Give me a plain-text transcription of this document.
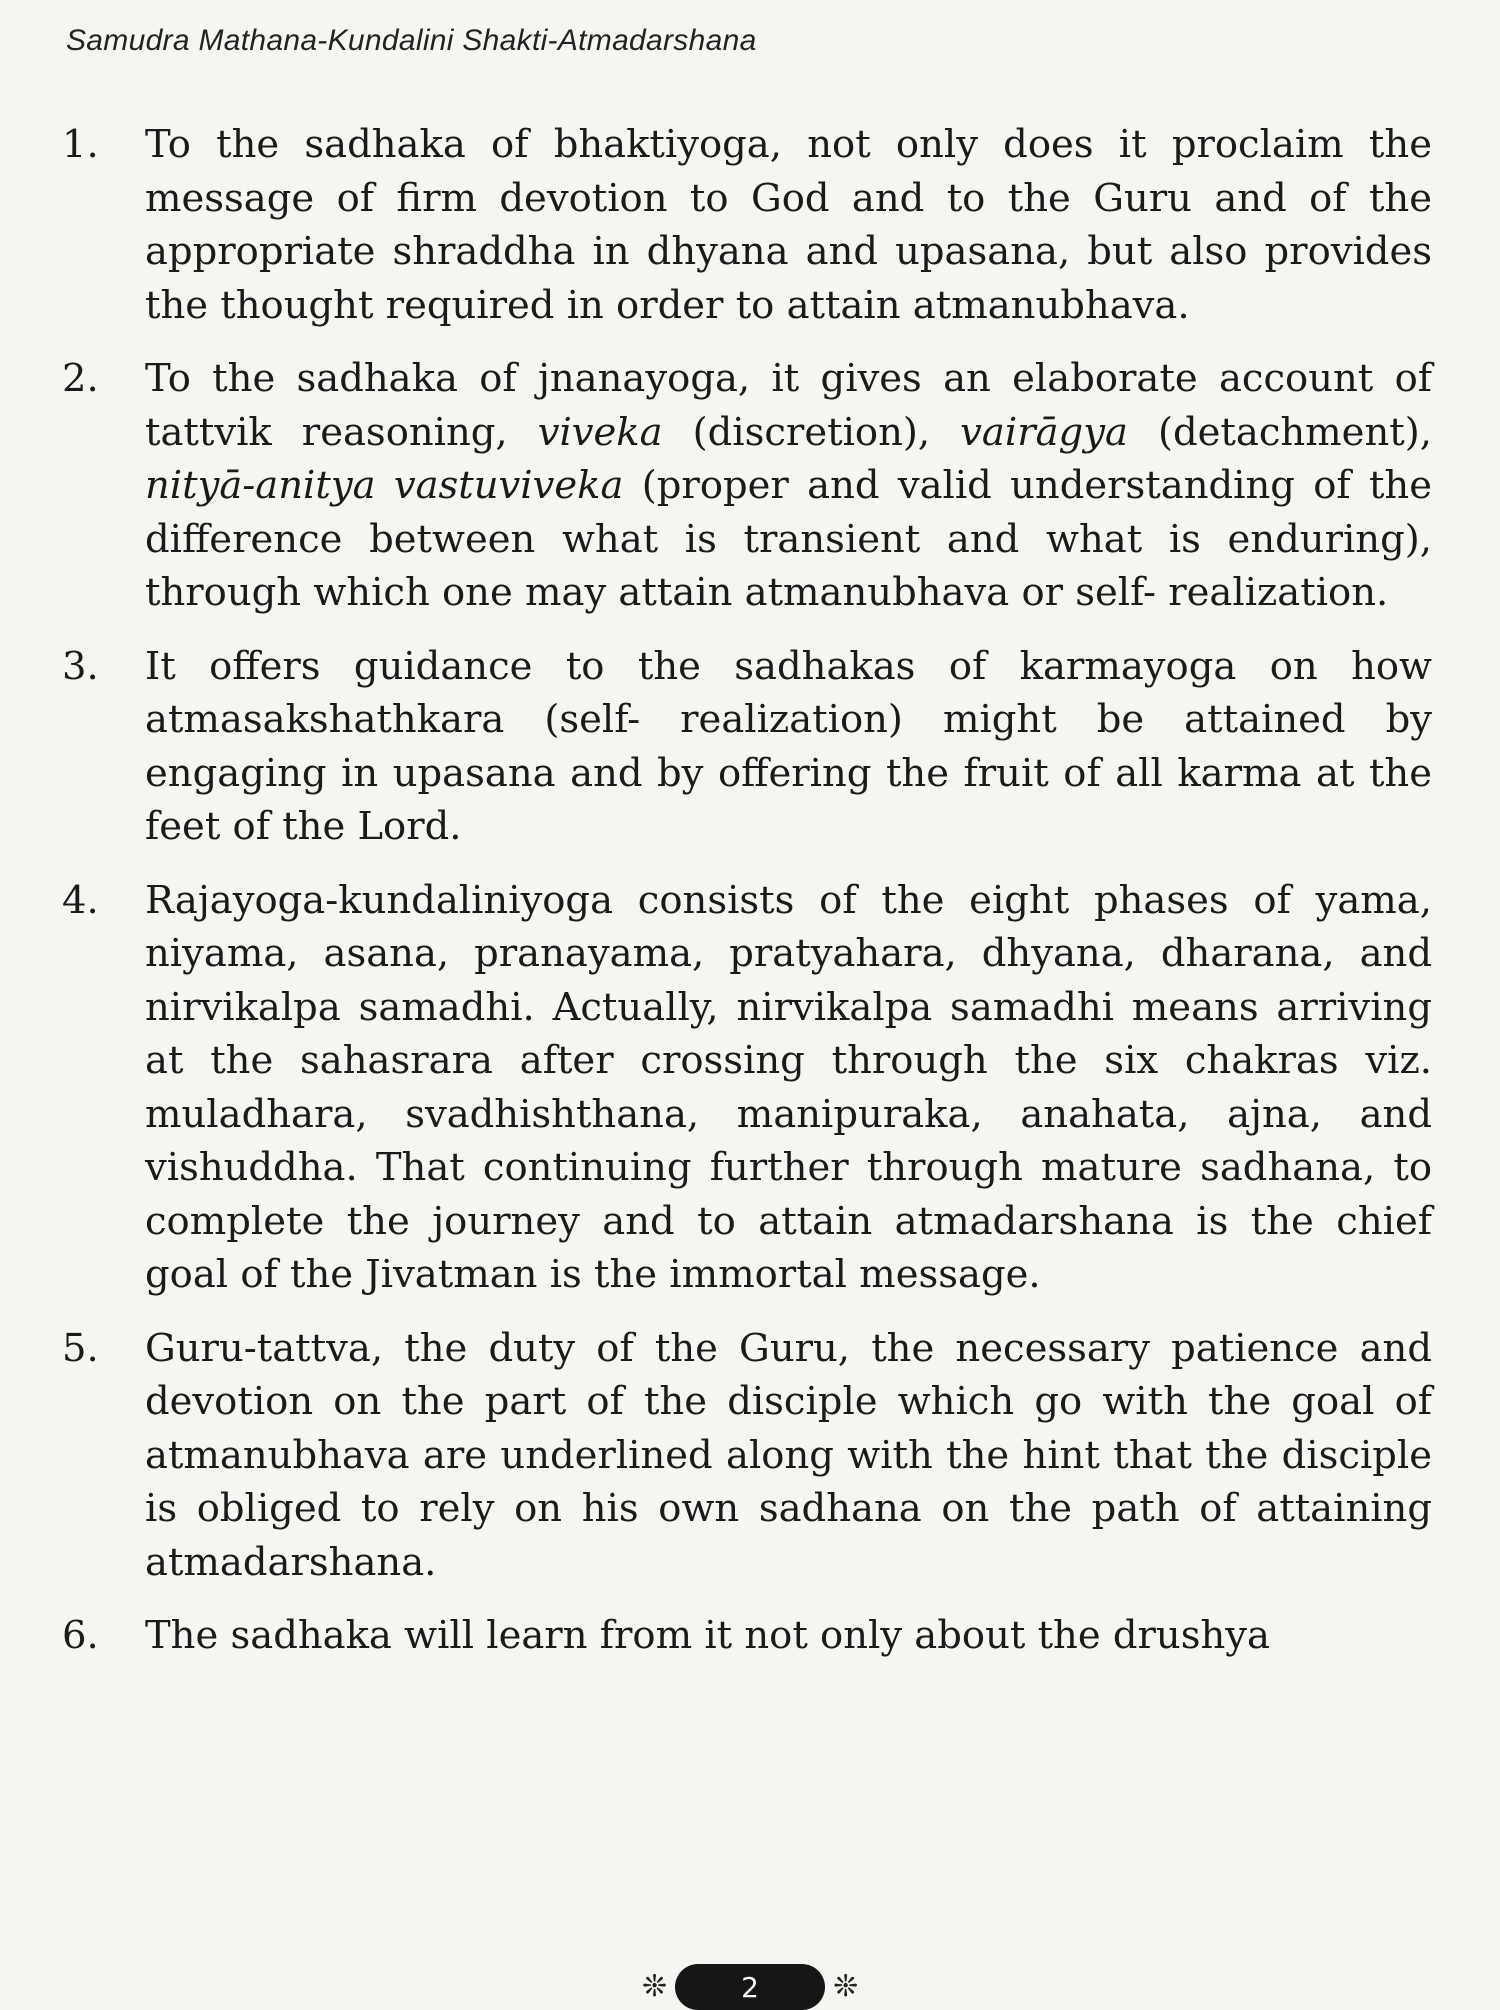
Samudra Mathana-Kundalini Shakti-Atmadarshana
1. To the sadhaka of bhaktiyoga, not only does it proclaim the message of firm devotion to God and to the Guru and of the appropriate shraddha in dhyana and upasana, but also provides the thought required in order to attain atmanubhava.
2. To the sadhaka of jnanayoga, it gives an elaborate account of tattvik reasoning, viveka (discretion), vairāgya (detachment), nityā-anitya vastuviveka (proper and valid understanding of the difference between what is transient and what is enduring), through which one may attain atmanubhava or self- realization.
3. It offers guidance to the sadhakas of karmayoga on how atmasakshathkara (self- realization) might be attained by engaging in upasana and by offering the fruit of all karma at the feet of the Lord.
4. Rajayoga-kundaliniyoga consists of the eight phases of yama, niyama, asana, pranayama, pratyahara, dhyana, dharana, and nirvikalpa samadhi. Actually, nirvikalpa samadhi means arriving at the sahasrara after crossing through the six chakras viz. muladhara, svadhishthana, manipuraka, anahata, ajna, and vishuddha. That continuing further through mature sadhana, to complete the journey and to attain atmadarshana is the chief goal of the Jivatman is the immortal message.
5. Guru-tattva, the duty of the Guru, the necessary patience and devotion on the part of the disciple which go with the goal of atmanubhava are underlined along with the hint that the disciple is obliged to rely on his own sadhana on the path of attaining atmadarshana.
6. The sadhaka will learn from it not only about the drushya
❊	2 ❊
